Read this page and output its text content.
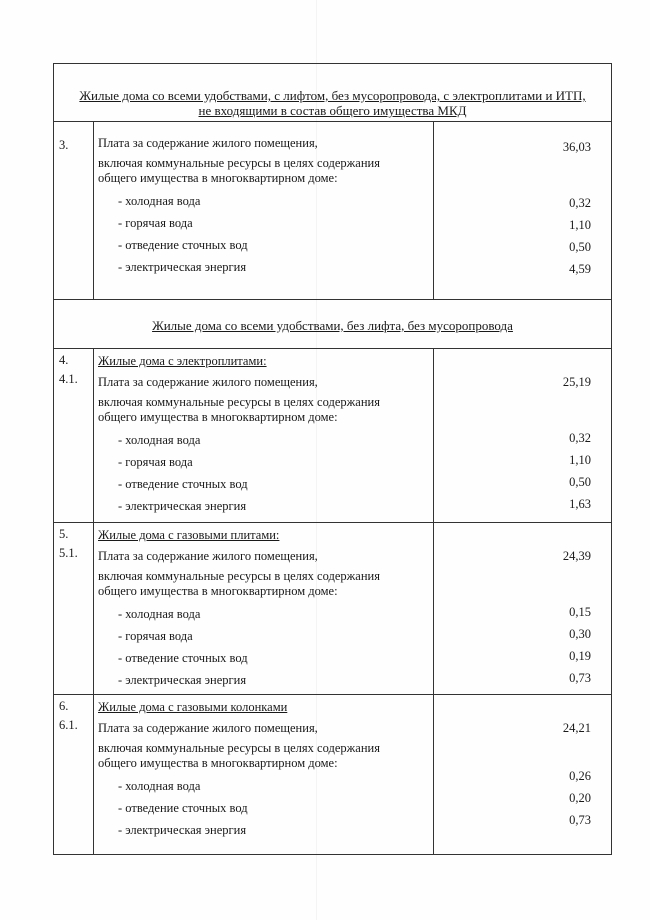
Жилые дома со всеми удобствами, с лифтом, без мусоропровода, с электроплитами и ИТП,
не входящими в состав общего имущества МКД
3.	Плата за содержание жилого помещения,
включая коммунальные ресурсы в целях содержания общего имущества в многоквартирном доме:
- холодная вода
- горячая вода
- отведение сточных вод
- электрическая энергия
36,03
0,32
1,10
0,50
4,59
Жилые дома со всеми удобствами, без лифта, без мусоропровода
4.
4.1.
Жилые дома с электроплитами:
Плата за содержание жилого помещения,
включая коммунальные ресурсы в целях содержания общего имущества в многоквартирном доме:
- холодная вода
- горячая вода
- отведение сточных вод
- электрическая энергия
25,19
0,32
1,10
0,50
1,63
5.
5.1.
Жилые дома с газовыми плитами:
Плата за содержание жилого помещения,
включая коммунальные ресурсы в целях содержания общего имущества в многоквартирном доме:
- холодная вода
- горячая вода
- отведение сточных вод
- электрическая энергия
24,39
0,15
0,30
0,19
0,73
6.
6.1.
Жилые дома с газовыми колонками
Плата за содержание жилого помещения,
включая коммунальные ресурсы в целях содержания общего имущества в многоквартирном доме:
- холодная вода
- отведение сточных вод
- электрическая энергия
24,21
0,26
0,20
0,73
